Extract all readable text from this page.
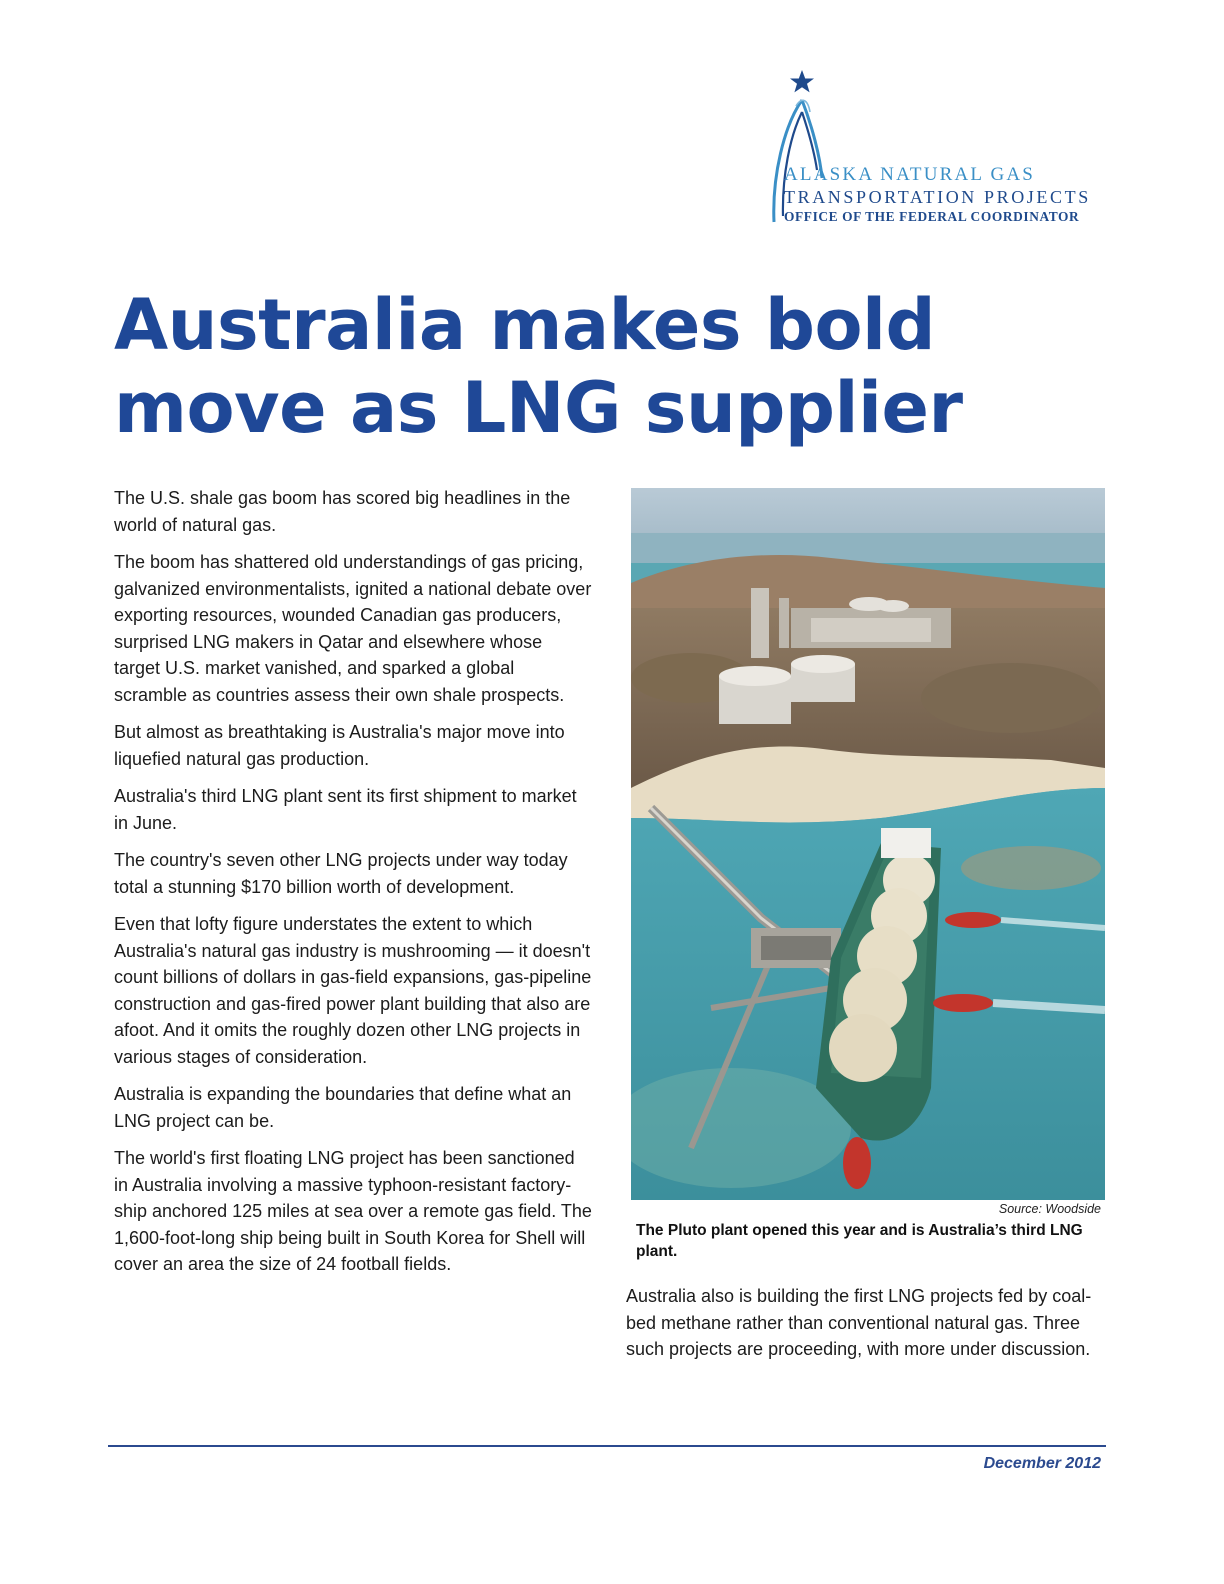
ALASKA NATURAL GAS
TRANSPORTATION PROJECTS
OFFICE OF THE FEDERAL COORDINATOR
Australia makes bold move as LNG supplier

The U.S. shale gas boom has scored big headlines in the world of natural gas.

The boom has shattered old understandings of gas pricing, galvanized environmentalists, ignited a national debate over exporting resources, wounded Canadian gas producers, surprised LNG makers in Qatar and elsewhere whose target U.S. market vanished, and sparked a global scramble as countries assess their own shale prospects.

But almost as breathtaking is Australia's major move into liquefied natural gas production.

Australia's third LNG plant sent its first shipment to market in June.

The country's seven other LNG projects under way today total a stunning $170 billion worth of development.

Even that lofty figure understates the extent to which Australia's natural gas industry is mushrooming — it doesn't count billions of dollars in gas-field expansions, gas-pipeline construction and gas-fired power plant building that also are afoot. And it omits the roughly dozen other LNG projects in various stages of consideration.

Australia is expanding the boundaries that define what an LNG project can be.

The world's first floating LNG project has been sanctioned in Australia involving a massive typhoon-resistant factory-ship anchored 125 miles at sea over a remote gas field. The 1,600-foot-long ship being built in South Korea for Shell will cover an area the size of 24 football fields.

Source: Woodside
The Pluto plant opened this year and is Australia’s third LNG plant.

Australia also is building the first LNG projects fed by coal-bed methane rather than conventional natural gas. Three such projects are proceeding, with more under discussion.

December 2012
